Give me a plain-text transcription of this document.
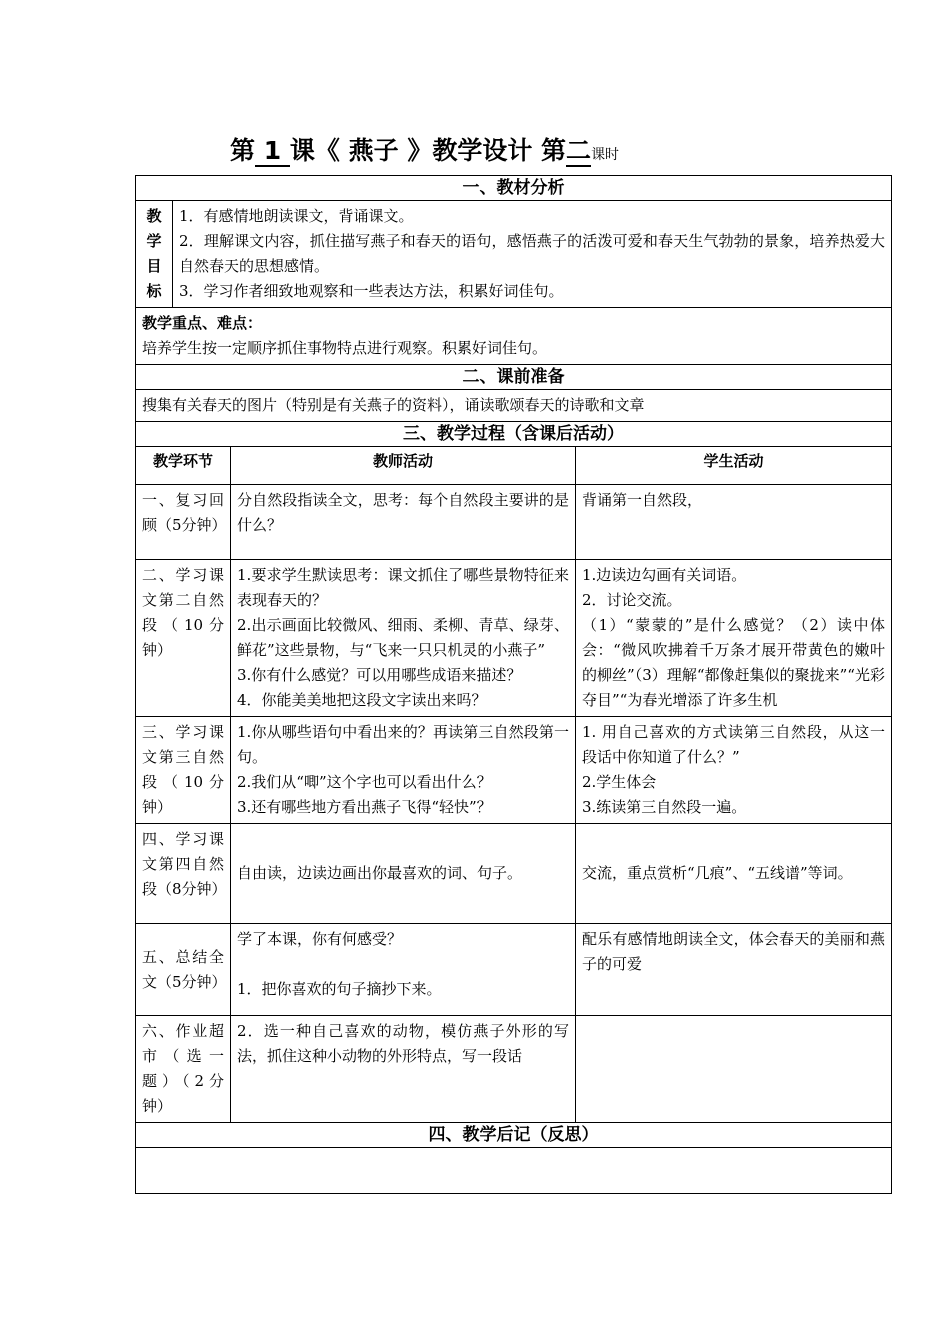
第 1 课《 燕子 》教学设计 第二课时
一、教材分析			

教
学
目
标	1．有感情地朗读课文，背诵课文。
2．理解课文内容，抓住描写燕子和春天的语句，感悟燕子的活泼可爱和春天生气勃勃的景象，培养热爱大自然春天的思想感情。
3．学习作者细致地观察和一些表达方法，积累好词佳句。		

教学重点、难点：
培养学生按一定顺序抓住事物特点进行观察。积累好词佳句。			

二、课前准备			
搜集有关春天的图片（特别是有关燕子的资料），诵读歌颂春天的诗歌和文章			
三、教学过程（含课后活动）			
教学环节		教师活动	学生活动
一、复习回顾（5分钟）		分自然段指读全文，思考：每个自然段主要讲的是什么？	背诵第一自然段，

二、学习课文第二自然段（10分钟）		1.要求学生默读思考：课文抓住了哪些景物特征来表现春天的？
2.出示画面比较微风、细雨、柔柳、青草、绿芽、鲜花”这些景物，与“飞来一只只机灵的小燕子”
3.你有什么感觉？可以用哪些成语来描述？
4．你能美美地把这段文字读出来吗？	1.边读边勾画有关词语。
2．讨论交流。
（1）“蒙蒙的”是什么感觉？（2）读中体会：“微风吹拂着千万条才展开带黄色的嫩叶的柳丝”（3）理解“都像赶集似的聚拢来”“光彩夺目”“为春光增添了许多生机

三、学习课文第三自然段（10分钟）		1.你从哪些语句中看出来的？再读第三自然段第一句。
2.我们从“唧”这个字也可以看出什么？
3.还有哪些地方看出燕子飞得“轻快”？	1. 用自己喜欢的方式读第三自然段，从这一段话中你知道了什么？”
2.学生体会
3.练读第三自然段一遍。

四、学习课文第四自然段（8分钟）		自由读，边读边画出你最喜欢的词、句子。	交流，重点赏析“几痕”、“五线谱”等词。

五、总结全文（5分钟）		学了本课，你有何感受？
1．把你喜欢的句子摘抄下来。	配乐有感情地朗读全文，体会春天的美丽和燕子的可爱

六、作业超市（选一题）（2分钟）		2．选一种自己喜欢的动物，模仿燕子外形的写法，抓住这种小动物的外形特点，写一段话	

四、教学后记（反思）			
